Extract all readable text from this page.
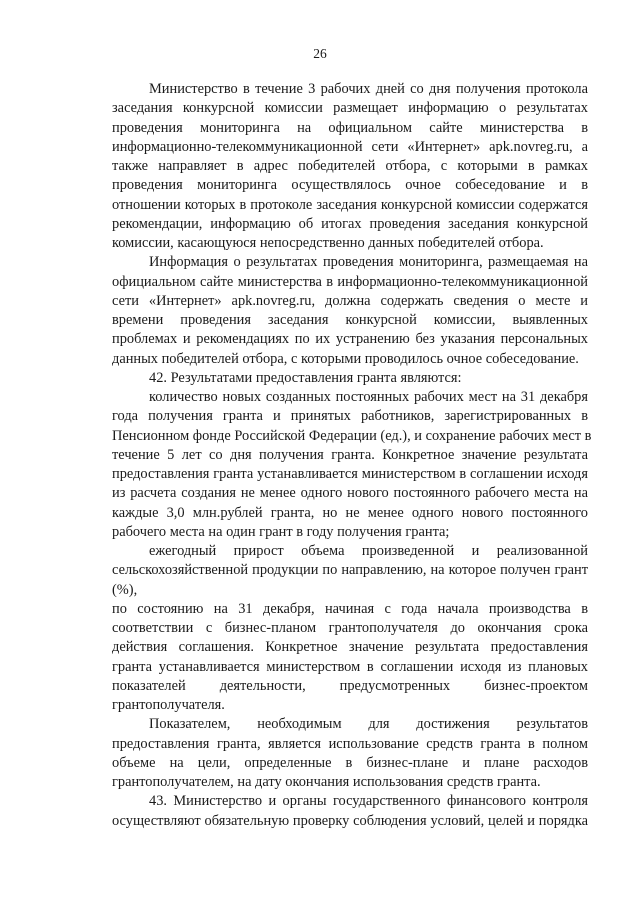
26
Министерство в течение 3 рабочих дней со дня получения протокола
заседания конкурсной комиссии размещает информацию о результатах
проведения мониторинга на официальном сайте министерства в
информационно-телекоммуникационной сети «Интернет» apk.novreg.ru, а
также направляет в адрес победителей отбора, с которыми в рамках
проведения мониторинга осуществлялось очное собеседование и в
отношении которых в протоколе заседания конкурсной комиссии содержатся
рекомендации, информацию об итогах проведения заседания конкурсной
комиссии, касающуюся непосредственно данных победителей отбора.
Информация о результатах проведения мониторинга, размещаемая на
официальном сайте министерства в информационно-телекоммуникационной
сети «Интернет» apk.novreg.ru, должна содержать сведения о месте и
времени проведения заседания конкурсной комиссии, выявленных
проблемах и рекомендациях по их устранению без указания персональных
данных победителей отбора, с которыми проводилось очное собеседование.
42. Результатами предоставления гранта являются:
количество новых созданных постоянных рабочих мест на 31 декабря
года получения гранта и принятых работников, зарегистрированных в
Пенсионном фонде Российской Федерации (ед.), и сохранение рабочих мест в
течение 5 лет со дня получения гранта. Конкретное значение результата
предоставления гранта устанавливается министерством в соглашении исходя
из расчета создания не менее одного нового постоянного рабочего места на
каждые 3,0 млн.рублей гранта, но не менее одного нового постоянного
рабочего места на один грант в году получения гранта;
ежегодный прирост объема произведенной и реализованной
сельскохозяйственной продукции по направлению, на которое получен грант
(%),
по состоянию на 31 декабря, начиная с года начала производства в
соответствии с бизнес-планом грантополучателя до окончания срока
действия соглашения. Конкретное значение результата предоставления
гранта устанавливается министерством в соглашении исходя из плановых
показателей деятельности, предусмотренных бизнес-проектом
грантополучателя.
Показателем, необходимым для достижения результатов
предоставления гранта, является использование средств гранта в полном
объеме на цели, определенные в бизнес-плане и плане расходов
грантополучателем, на дату окончания использования средств гранта.
43. Министерство и органы государственного финансового контроля
осуществляют обязательную проверку соблюдения условий, целей и порядка
